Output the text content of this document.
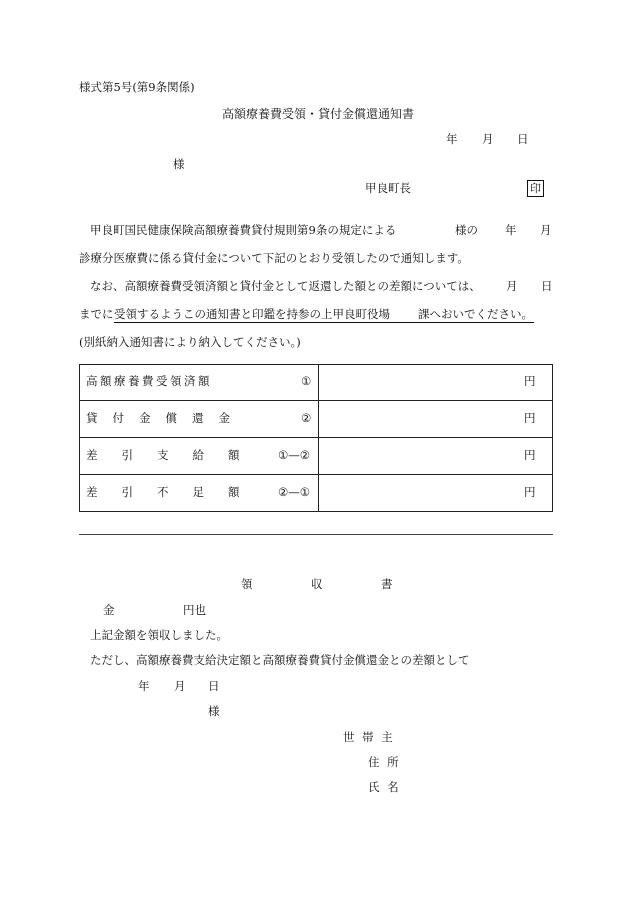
様式第5号(第9条関係)
高額療養費受領・貸付金償還通知書
年 月 日
様
甲良町長	印
甲良町国民健康保険高額療養費貸付規則第9条の規定による	様の 年 月
診療分医療費に係る貸付金について下記のとおり受領したので通知します。
なお、高額療養費受領済額と貸付金として返還した額との差額については、 月 日
までに 受領するようこの通知書と印鑑を持参の上甲良町役場 課へおいでください。
(別紙納入通知書により納入してください。)
高額療養費受領済額	①	円
貸付金償還金	②	円
差引支給額 ①—②	円
差引不足額 ②—①	円
領	収	書
金	円也
上記金額を領収しました。
ただし、高額療養費支給決定額と高額療養費貸付金償還金との差額として
年 月 日
様
世 帯 主
住 所
氏 名
